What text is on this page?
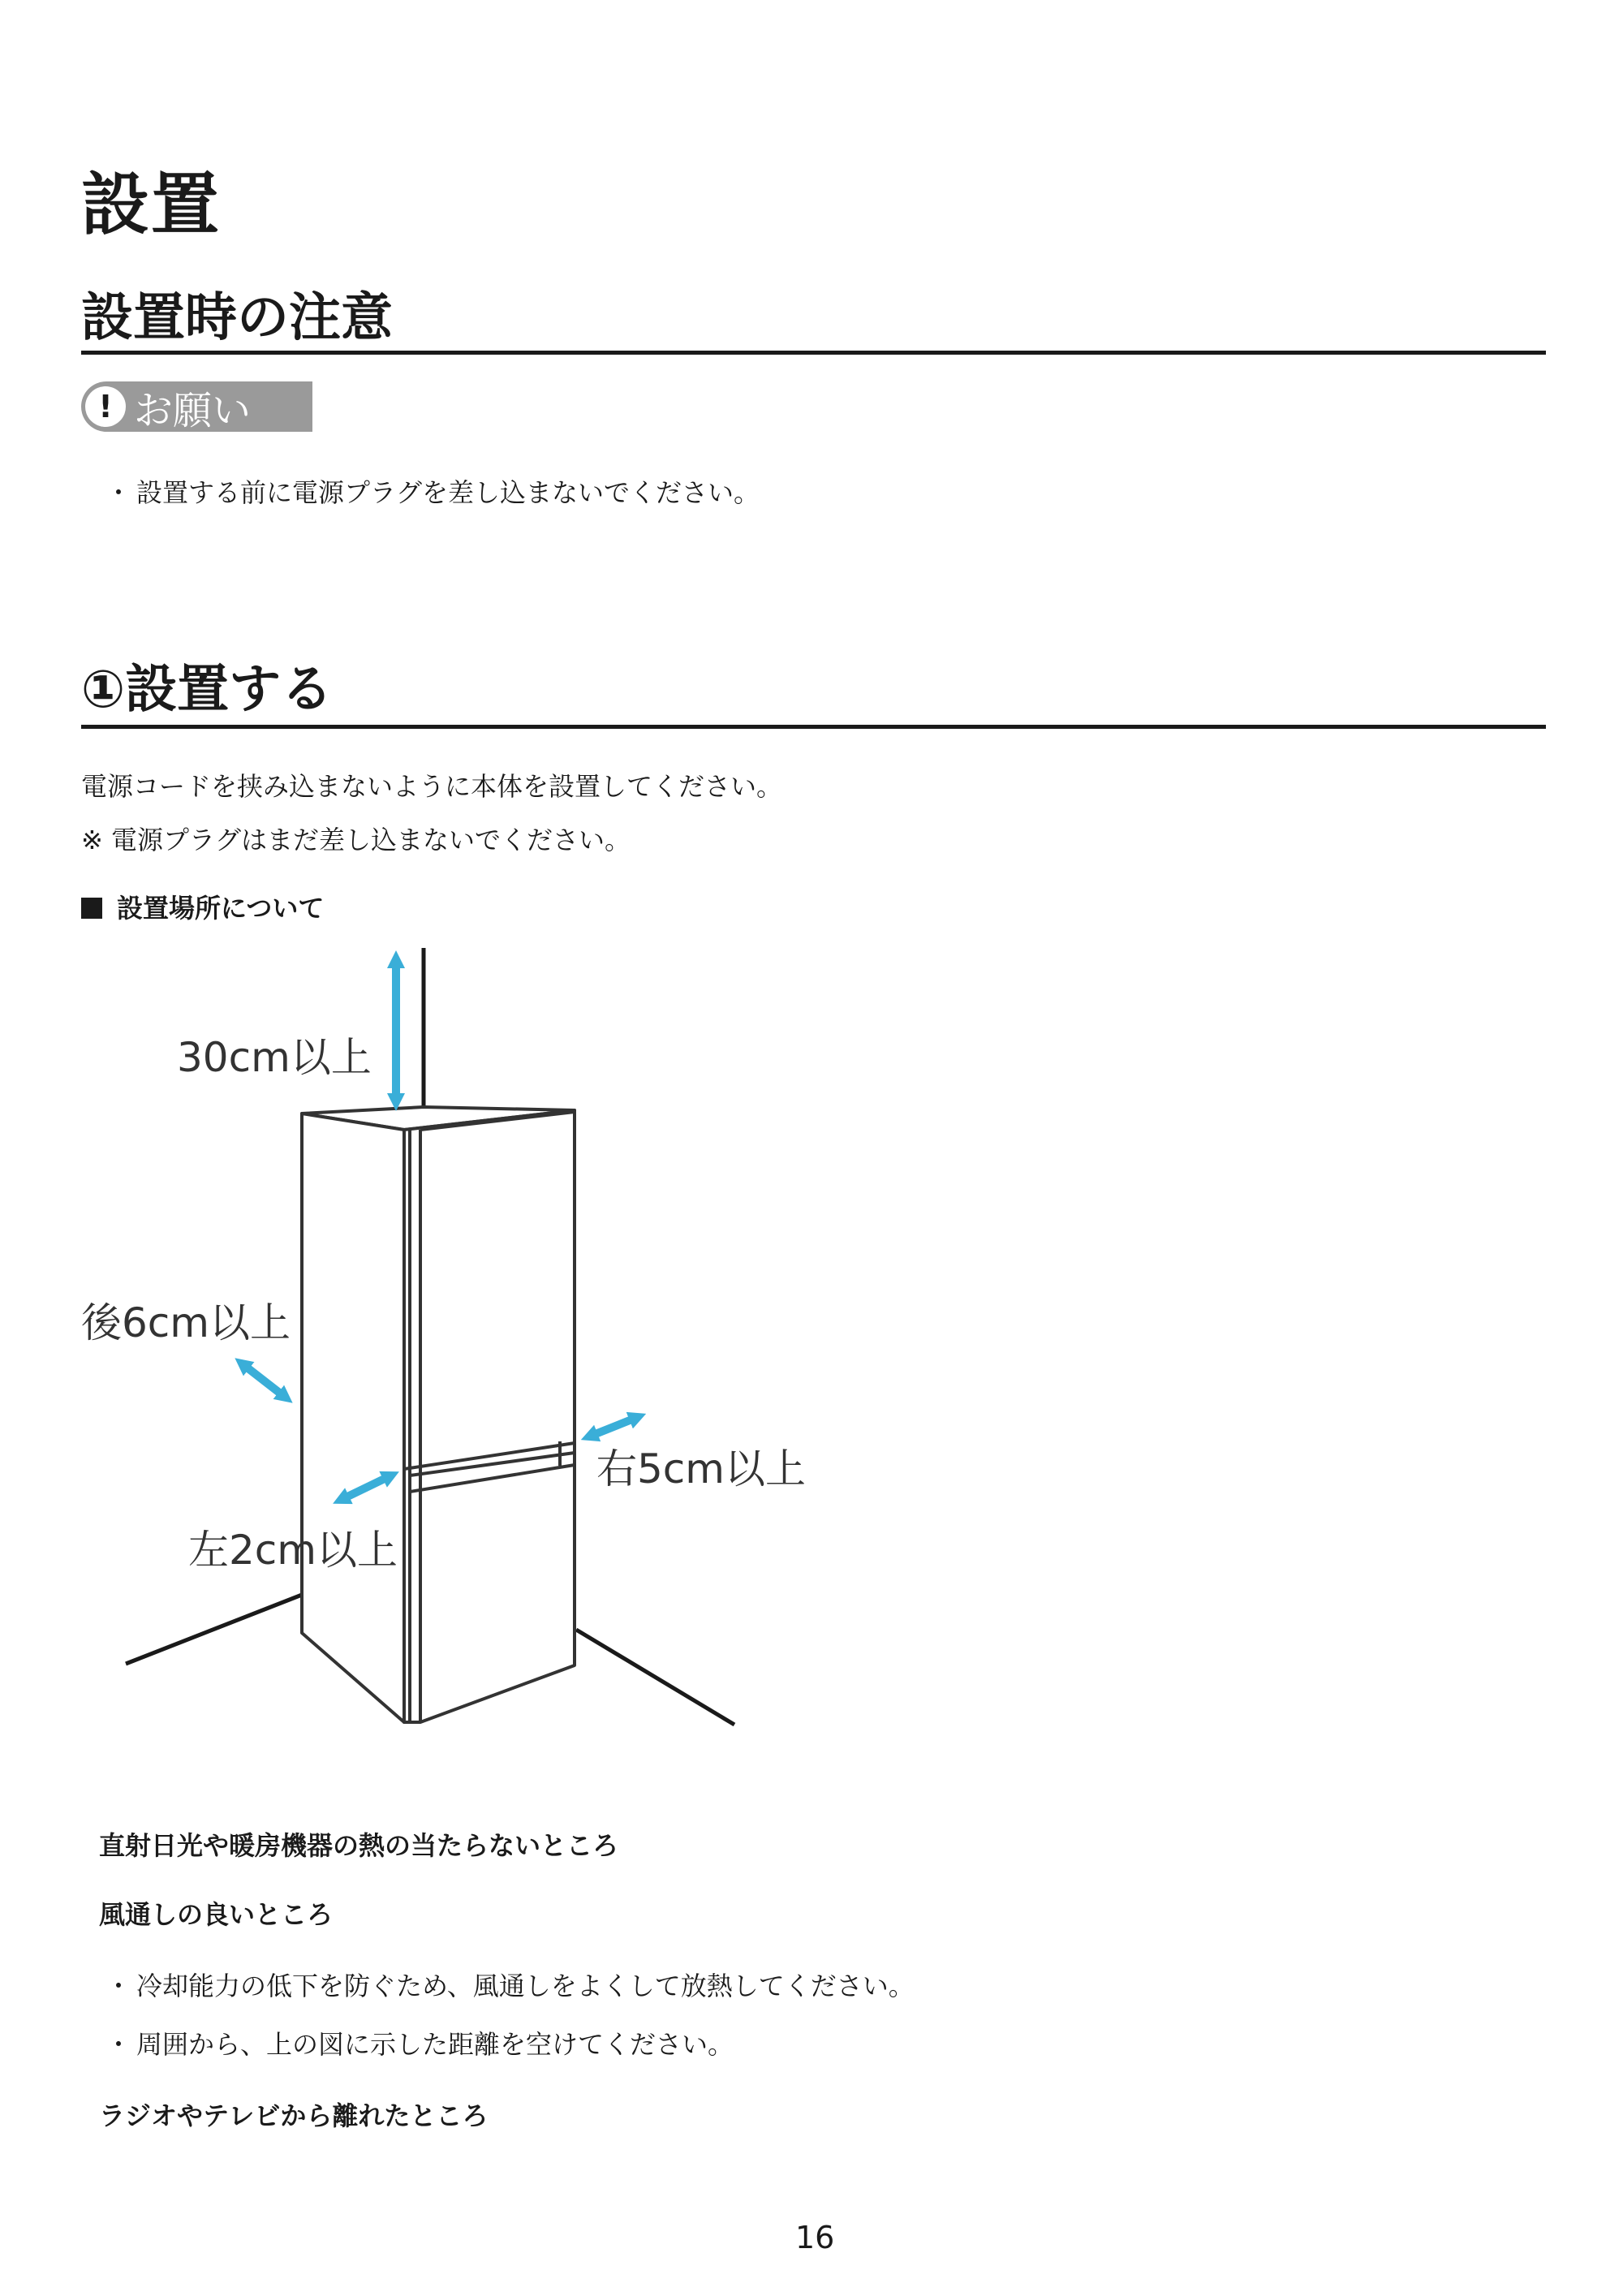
設置
設置時の注意
! お願い

・ 設置する前に電源プラグを差し込まないでください。

①設置する

電源コードを挟み込まないように本体を設置してください。

※ 電源プラグはまだ差し込まないでください。

設置場所について

30cm以上
後6cm以上
右5cm以上
左2cm以上

直射日光や暖房機器の熱の当たらないところ

風通しの良いところ

・ 冷却能力の低下を防ぐため、風通しをよくして放熱してください。

・ 周囲から、上の図に示した距離を空けてください。

ラジオやテレビから離れたところ

16
